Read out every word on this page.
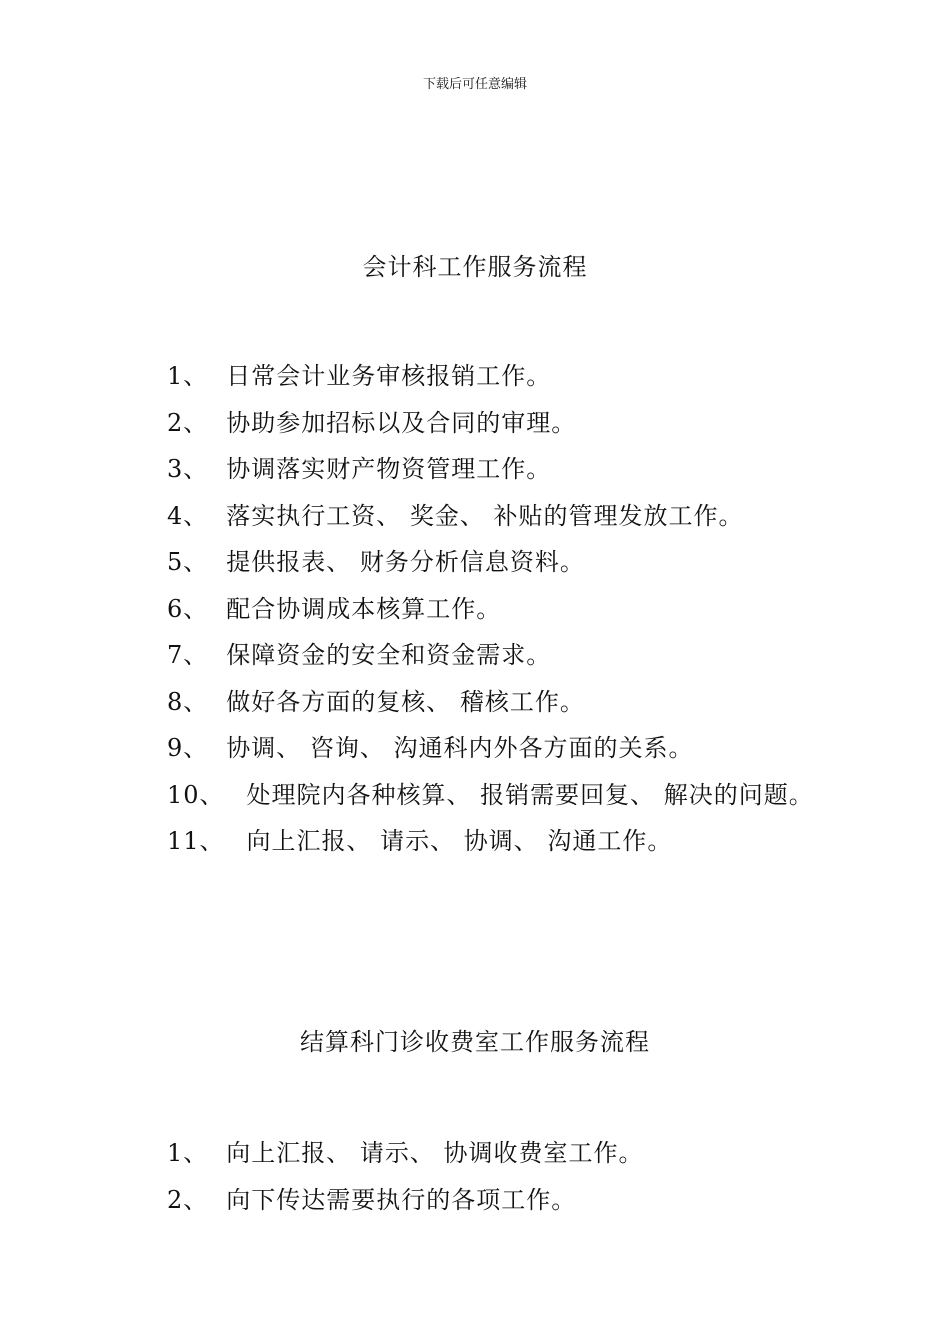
下载后可任意编辑
会计科工作服务流程
1、 日常会计业务审核报销工作。
2、 协助参加招标以及合同的审理。
3、 协调落实财产物资管理工作。
4、 落实执行工资、 奖金、 补贴的管理发放工作。
5、 提供报表、 财务分析信息资料。
6、 配合协调成本核算工作。
7、 保障资金的安全和资金需求。
8、 做好各方面的复核、 稽核工作。
9、 协调、 咨询、 沟通科内外各方面的关系。
10、 处理院内各种核算、 报销需要回复、 解决的问题。
11、 向上汇报、 请示、 协调、 沟通工作。
结算科门诊收费室工作服务流程
1、 向上汇报、 请示、 协调收费室工作。
2、 向下传达需要执行的各项工作。
